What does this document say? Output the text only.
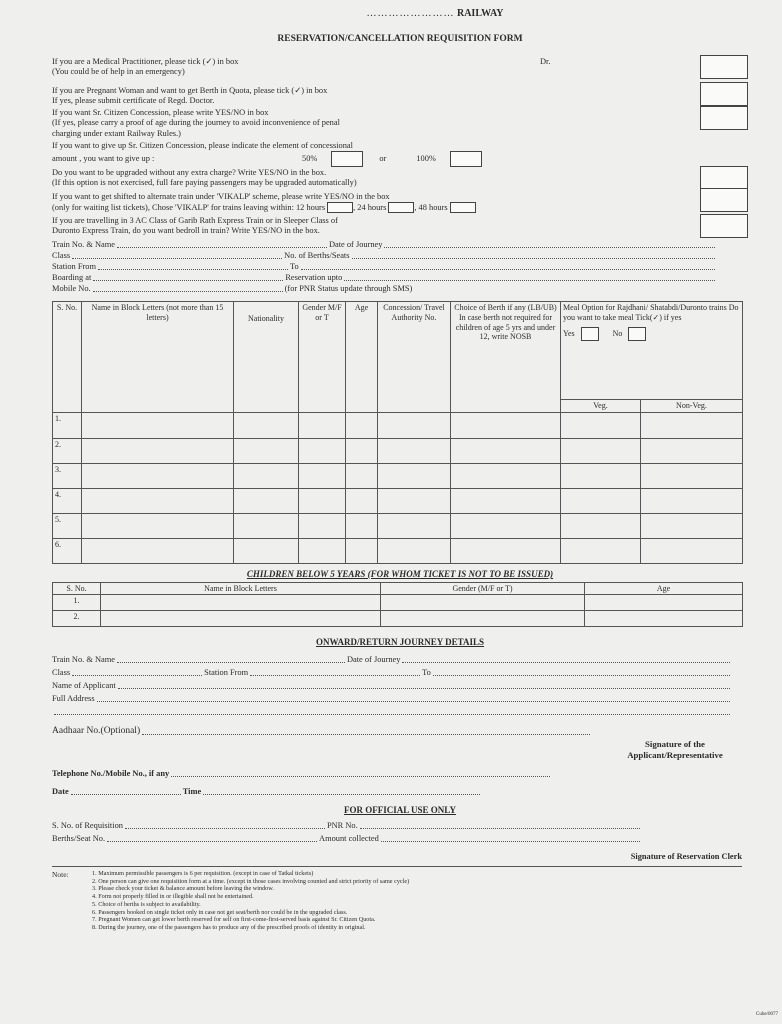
…………………… RAILWAY
RESERVATION/CANCELLATION REQUISITION FORM
If you are a Medical Practitioner, please tick (✓) in box
(You could be of help in an emergency)
Dr.
If you are Pregnant Woman and want to get Berth in Quota, please tick (✓) in box
If yes, please submit certificate of Regd. Doctor.
If you want Sr. Citizen Concession, please write YES/NO in box
(If yes, please carry a proof of age during the journey to avoid inconvenience of penal
charging under extant Railway Rules.)
If you want to give up Sr. Citizen Concession, please indicate the element of concessional
amount , you want to give up :	50%	or	100%
Do you want to be upgraded without any extra charge? Write YES/NO in the box.
(If this option is not exercised, full fare paying passengers may be upgraded automatically)
If you want to get shifted to alternate train under 'VIKALP' scheme, please write YES/NO in the box
(only for waiting list tickets), Chose 'VIKALP' for trains leaving within: 12 hours	, 24 hours	, 48 hours
If you are travelling in 3 AC Class of Garib Rath Express Train or in Sleeper Class of
Duronto Express Train, do you want bedroll in train? Write YES/NO in the box.
Train No. & Name	Date of Journey
Class	No. of Berths/Seats
Station From	To
Boarding at	Reservation upto
Mobile No.	(for PNR Status update through SMS)
S. No.	Name in Block Letters (not more than 15 letters)	Nationality	Gender M/F or T	Age	Concession/ Travel Authority No.	Choice of Berth if any (LB/UB) In case berth not required for children of age 5 yrs and under 12, write NOSB	Meal Option for Rajdhani/ Shatabdi/Duronto trains Do you want to take meal Tick(✓) if yes
Yes No	

							Veg.	Non-Veg.
1.								
2.								
3.								
4.								
5.								
6.								
CHILDREN BELOW 5 YEARS (FOR WHOM TICKET IS NOT TO BE ISSUED)
S. No.	Name in Block Letters	Gender (M/F or T)	Age
1.			
2.			
ONWARD/RETURN JOURNEY DETAILS
Train No. & Name	Date of Journey
Class	Station From	To
Name of Applicant
Full Address
Aadhaar No.(Optional)
Signature of the Applicant/Representative
Telephone No./Mobile No., if any
Date	Time
FOR OFFICIAL USE ONLY
S. No. of Requisition	PNR No.
Berths/Seat No.	Amount collected
Signature of Reservation Clerk
Note:	1. Maximum permissible passengers is 6 per requisition. (except in case of Tatkal tickets)
2. One person can give one requisition form at a time. (except in those cases involving counted and strict priority of same cycle)
3. Please check your ticket & balance amount before leaving the window.
4. Form not properly filled in or illegible shall not be entertained.
5. Choice of berths is subject to availability.
6. Passengers booked on single ticket only in case not get seat/berth nor could be in the upgraded class.
7. Pregnant Women can get lower berth reserved for self on first-come-first-served basis against Sr. Citizen Quota.
8. During the journey, one of the passengers has to produce any of the prescribed proofs of identity in original.
Cube/0077
